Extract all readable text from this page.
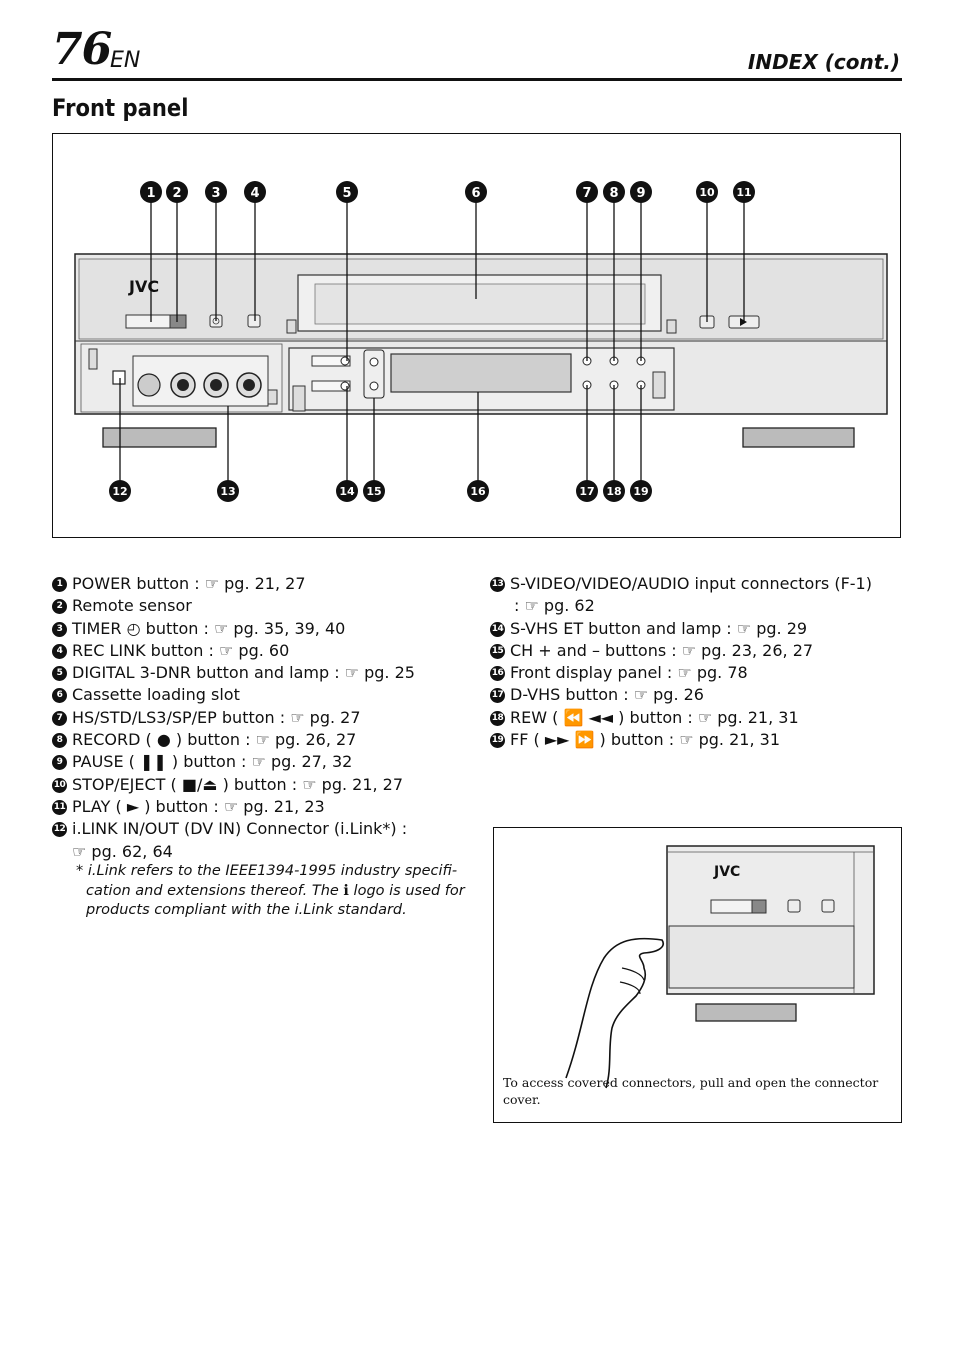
76
EN	INDEX (cont.)
Front panel
JVC
1 2 3 4	5	6	7 8 9	10 11
12	13	14 15	16	17 18 19
1 POWER button : ☞ pg. 21, 27
2 Remote sensor
3 TIMER ◴ button : ☞ pg. 35, 39, 40
4 REC LINK button : ☞ pg. 60
5 DIGITAL 3-DNR button and lamp : ☞ pg. 25
6 Cassette loading slot
7 HS/STD/LS3/SP/EP button : ☞ pg. 27
8 RECORD ( ● ) button : ☞ pg. 26, 27
9 PAUSE ( ❚❚ ) button : ☞ pg. 27, 32
10 STOP/EJECT ( ■/⏏ ) button : ☞ pg. 21, 27
11 PLAY ( ► ) button : ☞ pg. 21, 23
12 i.LINK IN/OUT (DV IN) Connector (i.Link*) :
☞ pg. 62, 64
* i.Link refers to the IEEE1394-1995 industry specifi-
cation and extensions thereof. The ℹ logo is used for
products compliant with the i.Link standard.
13 S-VIDEO/VIDEO/AUDIO input connectors (F-1)
: ☞ pg. 62
14 S-VHS ET button and lamp : ☞ pg. 29
15 CH + and – buttons : ☞ pg. 23, 26, 27
16 Front display panel : ☞ pg. 78
17 D-VHS button : ☞ pg. 26
18 REW ( ⏪ ◄◄ ) button : ☞ pg. 21, 31
19 FF ( ►► ⏩ ) button : ☞ pg. 21, 31
JVC
To access covered connectors, pull and open the connector cover.
